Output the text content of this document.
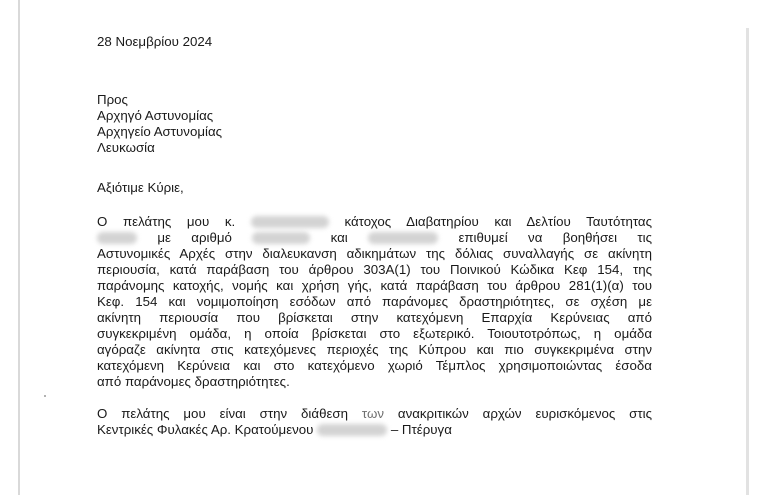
28 Νοεμβρίου 2024
Προς
Αρχηγό Αστυνομίας
Αρχηγείο Αστυνομίας
Λευκωσία
Αξιότιμε Κύριε,
Ο πελάτης μου κ.	κάτοχος Διαβατηρίου και Δελτίου Ταυτότητας
με αριθμό	και	επιθυμεί να βοηθήσει τις
Αστυνομικές Αρχές στην διαλευκανση αδικημάτων της δόλιας συναλλαγής σε ακίνητη
περιουσία, κατά παράβαση του άρθρου 303Α(1) του Ποινικού Κώδικα Κεφ 154, της
παράνομης κατοχής, νομής και χρήση γής, κατά παράβαση του άρθρου 281(1)(α) του
Κεφ. 154 και νομιμοποίηση εσόδων από παράνομες δραστηριότητες, σε σχέση με
ακίνητη περιουσία που βρίσκεται στην κατεχόμενη Επαρχία Κερύνειας από
συγκεκριμένη ομάδα, η οποία βρίσκεται στο εξωτερικό. Τοιουτοτρόπως, η ομάδα
αγόραζε ακίνητα στις κατεχόμενες περιοχές της Κύπρου και πιο συγκεκριμένα στην
κατεχόμενη Κερύνεια και στο κατεχόμενο χωριό Τέμπλος χρησιμοποιώντας έσοδα
από παράνομες δραστηριότητες.
Ο πελάτης μου είναι στην διάθεση των ανακριτικών αρχών ευρισκόμενος στις
Κεντρικές Φυλακές Αρ. Κρατούμενου	– Πτέρυγα
